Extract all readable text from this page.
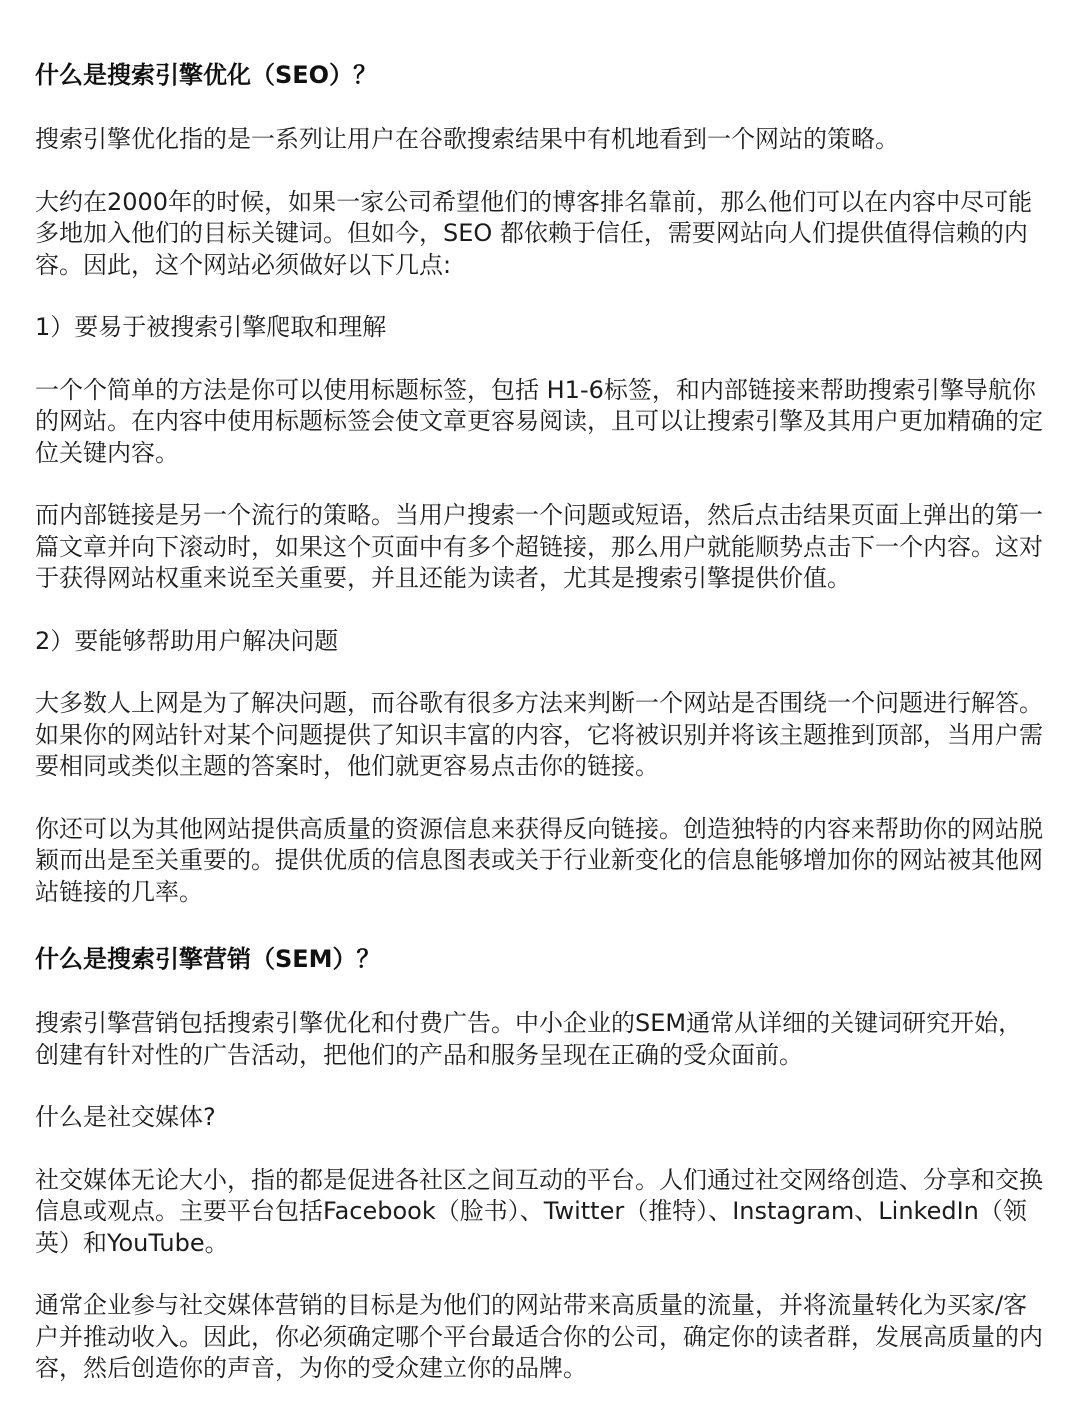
什么是搜索引擎优化（SEO）？

搜索引擎优化指的是一系列让用户在谷歌搜索结果中有机地看到一个网站的策略。

大约在2000年的时候，如果一家公司希望他们的博客排名靠前，那么他们可以在内容中尽可能多地加入他们的目标关键词。但如今，SEO 都依赖于信任，需要网站向人们提供值得信赖的内容。因此，这个网站必须做好以下几点:

1）要易于被搜索引擎爬取和理解

一个个简单的方法是你可以使用标题标签，包括 H1-6标签，和内部链接来帮助搜索引擎导航你的网站。在内容中使用标题标签会使文章更容易阅读，且可以让搜索引擎及其用户更加精确的定位关键内容。

而内部链接是另一个流行的策略。当用户搜索一个问题或短语，然后点击结果页面上弹出的第一篇文章并向下滚动时，如果这个页面中有多个超链接，那么用户就能顺势点击下一个内容。这对于获得网站权重来说至关重要，并且还能为读者，尤其是搜索引擎提供价值。

2）要能够帮助用户解决问题

大多数人上网是为了解决问题，而谷歌有很多方法来判断一个网站是否围绕一个问题进行解答。如果你的网站针对某个问题提供了知识丰富的内容，它将被识别并将该主题推到顶部，当用户需要相同或类似主题的答案时，他们就更容易点击你的链接。

你还可以为其他网站提供高质量的资源信息来获得反向链接。创造独特的内容来帮助你的网站脱颖而出是至关重要的。提供优质的信息图表或关于行业新变化的信息能够增加你的网站被其他网站链接的几率。

什么是搜索引擎营销（SEM）？

搜索引擎营销包括搜索引擎优化和付费广告。中小企业的SEM通常从详细的关键词研究开始，创建有针对性的广告活动，把他们的产品和服务呈现在正确的受众面前。

什么是社交媒体?

社交媒体无论大小，指的都是促进各社区之间互动的平台。人们通过社交网络创造、分享和交换信息或观点。主要平台包括Facebook（脸书）、Twitter（推特）、Instagram、LinkedIn（领英）和YouTube。

通常企业参与社交媒体营销的目标是为他们的网站带来高质量的流量，并将流量转化为买家/客户并推动收入。因此，你必须确定哪个平台最适合你的公司，确定你的读者群，发展高质量的内容，然后创造你的声音，为你的受众建立你的品牌。
